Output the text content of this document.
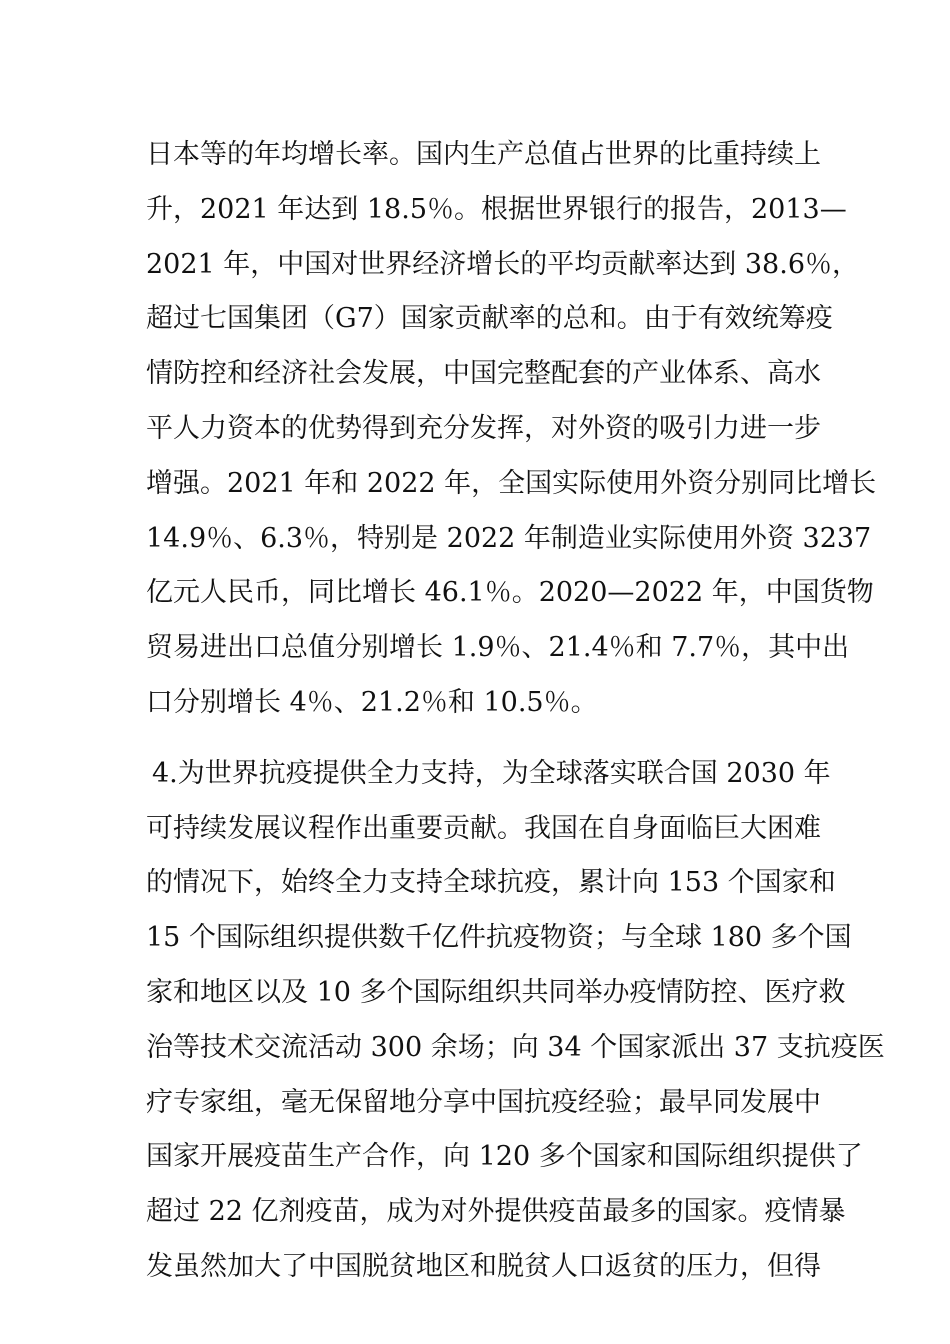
日本等的年均增长率。国内生产总值占世界的比重持续上
升，2021 年达到 18.5％。根据世界银行的报告，2013—
2021 年，中国对世界经济增长的平均贡献率达到 38.6％，
超过七国集团（G7）国家贡献率的总和。由于有效统筹疫
情防控和经济社会发展，中国完整配套的产业体系、高水
平人力资本的优势得到充分发挥，对外资的吸引力进一步
增强。2021 年和 2022 年，全国实际使用外资分别同比增长
14.9％、6.3％，特别是 2022 年制造业实际使用外资 3237
亿元人民币，同比增长 46.1％。2020—2022 年，中国货物
贸易进出口总值分别增长 1.9％、21.4％和 7.7％，其中出
口分别增长 4％、21.2％和 10.5％。
　　4.为世界抗疫提供全力支持，为全球落实联合国 2030 年
可持续发展议程作出重要贡献。我国在自身面临巨大困难
的情况下，始终全力支持全球抗疫，累计向 153 个国家和
15 个国际组织提供数千亿件抗疫物资；与全球 180 多个国
家和地区以及 10 多个国际组织共同举办疫情防控、医疗救
治等技术交流活动 300 余场；向 34 个国家派出 37 支抗疫医
疗专家组，毫无保留地分享中国抗疫经验；最早同发展中
国家开展疫苗生产合作，向 120 多个国家和国际组织提供了
超过 22 亿剂疫苗，成为对外提供疫苗最多的国家。疫情暴
发虽然加大了中国脱贫地区和脱贫人口返贫的压力，但得
